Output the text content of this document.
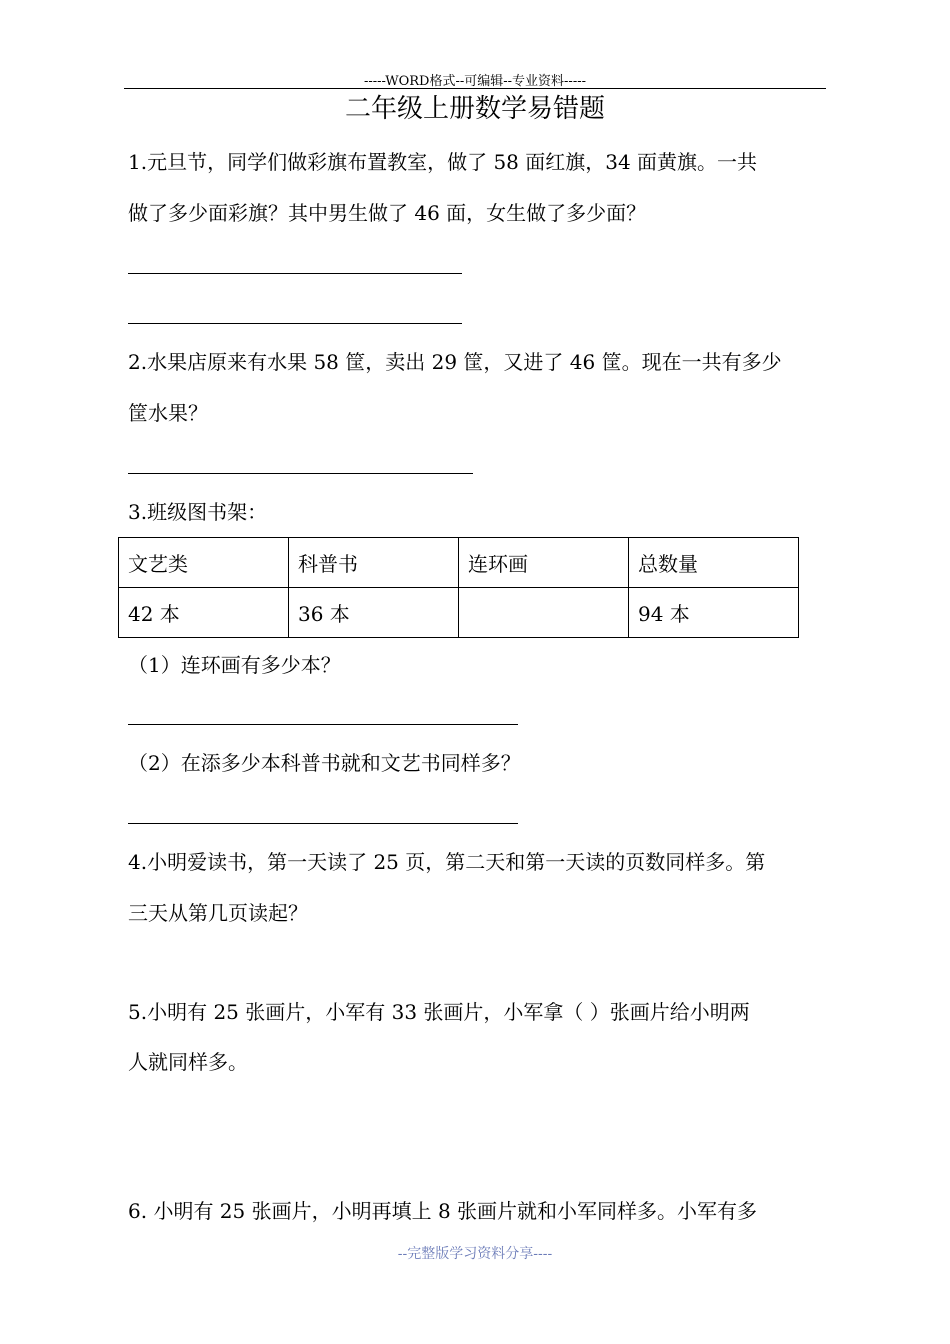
-----WORD格式--可编辑--专业资料-----
二年级上册数学易错题
1.元旦节，同学们做彩旗布置教室，做了 58 面红旗，34 面黄旗。一共
做了多少面彩旗？其中男生做了 46 面，女生做了多少面？
2.水果店原来有水果 58 筐，卖出 29 筐，又进了 46 筐。现在一共有多少
筐水果？
3.班级图书架：
文艺类	科普书	连环画	总数量
42 本	36 本		94 本
（1）连环画有多少本？
（2）在添多少本科普书就和文艺书同样多？
4.小明爱读书，第一天读了 25 页，第二天和第一天读的页数同样多。第
三天从第几页读起？
5.小明有 25 张画片，小军有 33 张画片，小军拿（ ）张画片给小明两
人就同样多。
6. 小明有 25 张画片，小明再填上 8 张画片就和小军同样多。小军有多
--完整版学习资料分享----
